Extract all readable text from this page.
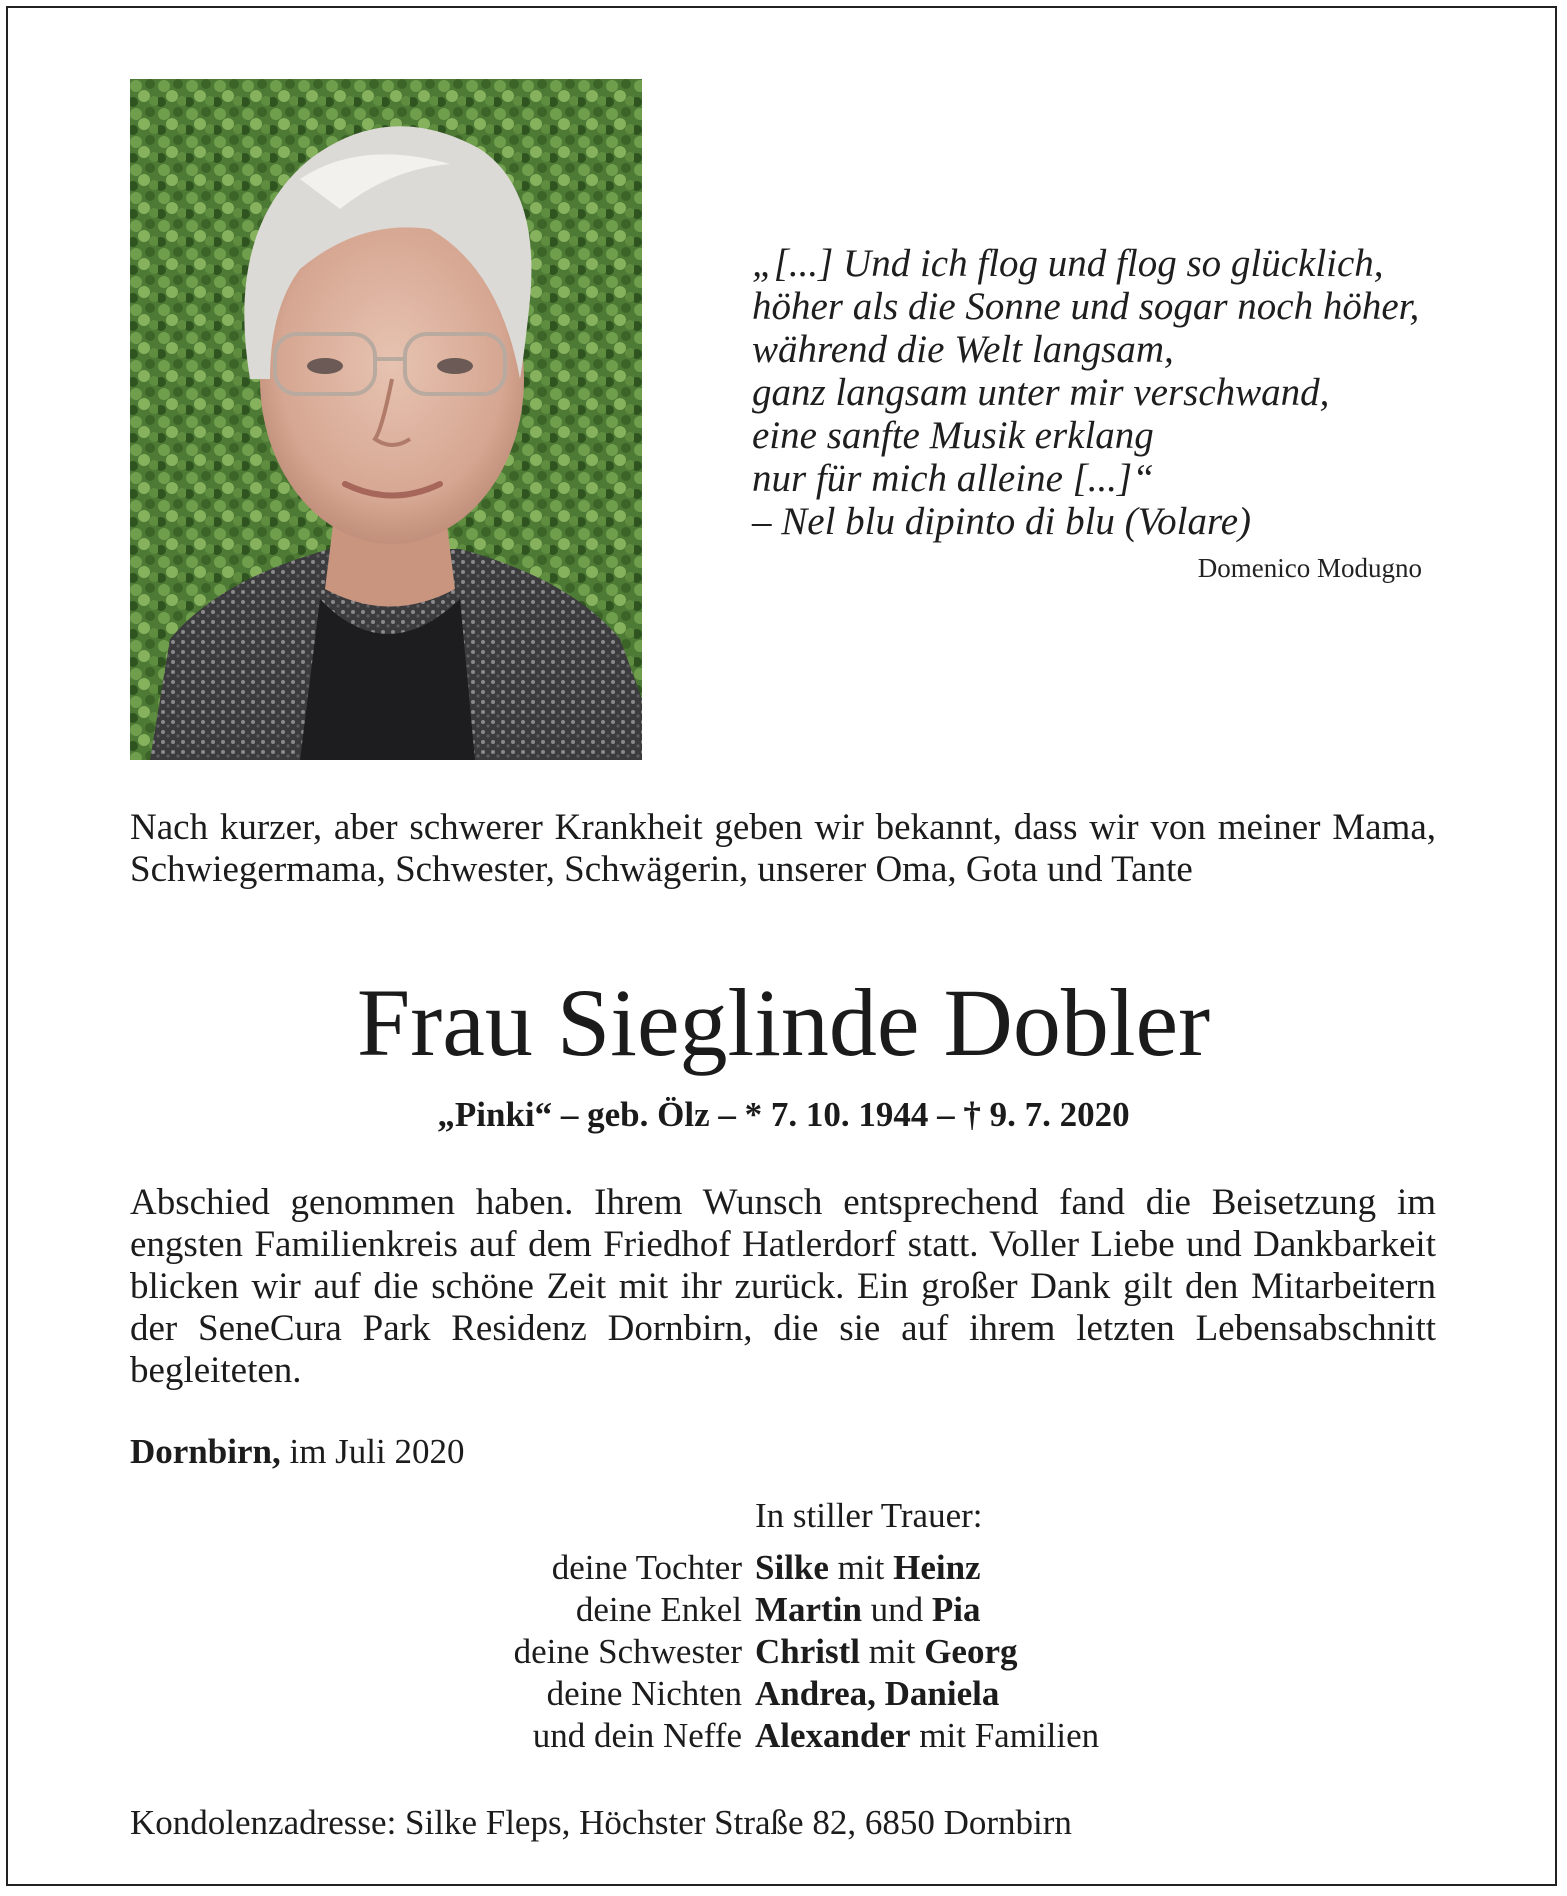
„[...] Und ich flog und flog so glücklich,
höher als die Sonne und sogar noch höher,
während die Welt langsam,
ganz langsam unter mir verschwand,
eine sanfte Musik erklang
nur für mich alleine [...]“
– Nel blu dipinto di blu (Volare)
Domenico Modugno
Nach kurzer, aber schwerer Krankheit geben wir bekannt, dass wir von meiner Mama, Schwiegermama, Schwester, Schwägerin, unserer Oma, Gota und Tante
Frau Sieglinde Dobler
„Pinki“ – geb. Ölz – * 7. 10. 1944 – † 9. 7. 2020
Abschied genommen haben. Ihrem Wunsch entsprechend fand die Beisetzung im engsten Familienkreis auf dem Friedhof Hatlerdorf statt. Voller Liebe und Dankbarkeit blicken wir auf die schöne Zeit mit ihr zurück. Ein großer Dank gilt den Mitarbeitern der SeneCura Park Residenz Dornbirn, die sie auf ihrem letzten Lebensabschnitt begleiteten.
Dornbirn, im Juli 2020
In stiller Trauer:
deine Tochter Silke mit Heinz
deine Enkel Martin und Pia
deine Schwester Christl mit Georg
deine Nichten Andrea, Daniela
und dein Neffe Alexander mit Familien
Kondolenzadresse: Silke Fleps, Höchster Straße 82, 6850 Dornbirn
